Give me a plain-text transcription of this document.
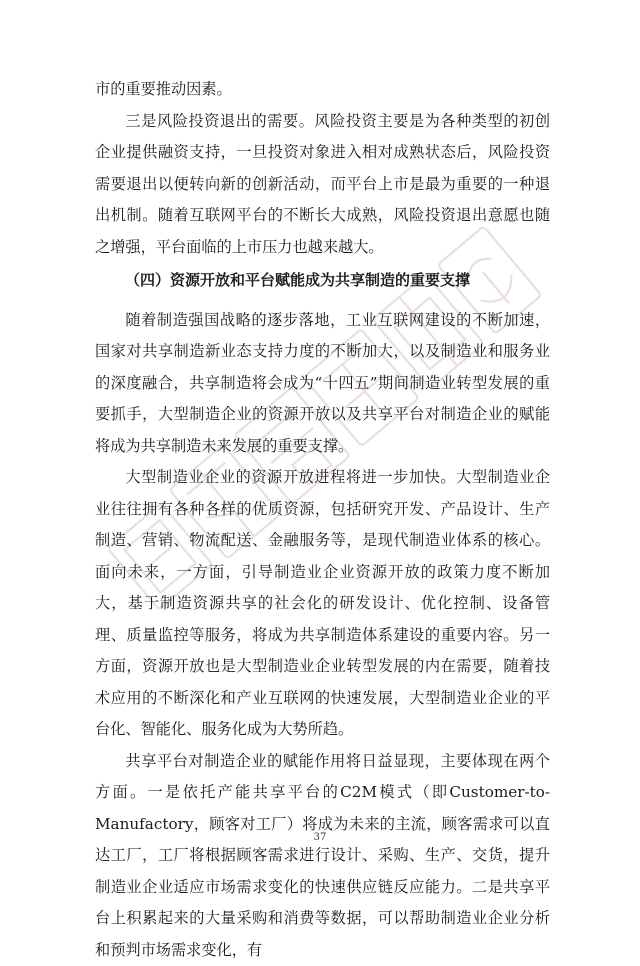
市的重要推动因素。

三是风险投资退出的需要。风险投资主要是为各种类型的初创企业提供融资支持，一旦投资对象进入相对成熟状态后，风险投资需要退出以便转向新的创新活动，而平台上市是最为重要的一种退出机制。随着互联网平台的不断长大成熟，风险投资退出意愿也随之增强，平台面临的上市压力也越来越大。

（四）资源开放和平台赋能成为共享制造的重要支撑

随着制造强国战略的逐步落地，工业互联网建设的不断加速，国家对共享制造新业态支持力度的不断加大，以及制造业和服务业的深度融合，共享制造将会成为“十四五”期间制造业转型发展的重要抓手，大型制造企业的资源开放以及共享平台对制造企业的赋能将成为共享制造未来发展的重要支撑。

大型制造业企业的资源开放进程将进一步加快。大型制造业企业往往拥有各种各样的优质资源，包括研究开发、产品设计、生产制造、营销、物流配送、金融服务等，是现代制造业体系的核心。面向未来，一方面，引导制造业企业资源开放的政策力度不断加大，基于制造资源共享的社会化的研发设计、优化控制、设备管理、质量监控等服务，将成为共享制造体系建设的重要内容。另一方面，资源开放也是大型制造业企业转型发展的内在需要，随着技术应用的不断深化和产业互联网的快速发展，大型制造业企业的平台化、智能化、服务化成为大势所趋。

共享平台对制造企业的赋能作用将日益显现，主要体现在两个方面。一是依托产能共享平台的C2M模式（即Customer-to- Manufactory，顾客对工厂）将成为未来的主流，顾客需求可以直达工厂，工厂将根据顾客需求进行设计、采购、生产、交货，提升制造业企业适应市场需求变化的快速供应链反应能力。二是共享平台上积累起来的大量采购和消费等数据，可以帮助制造业企业分析和预判市场需求变化，有

37
